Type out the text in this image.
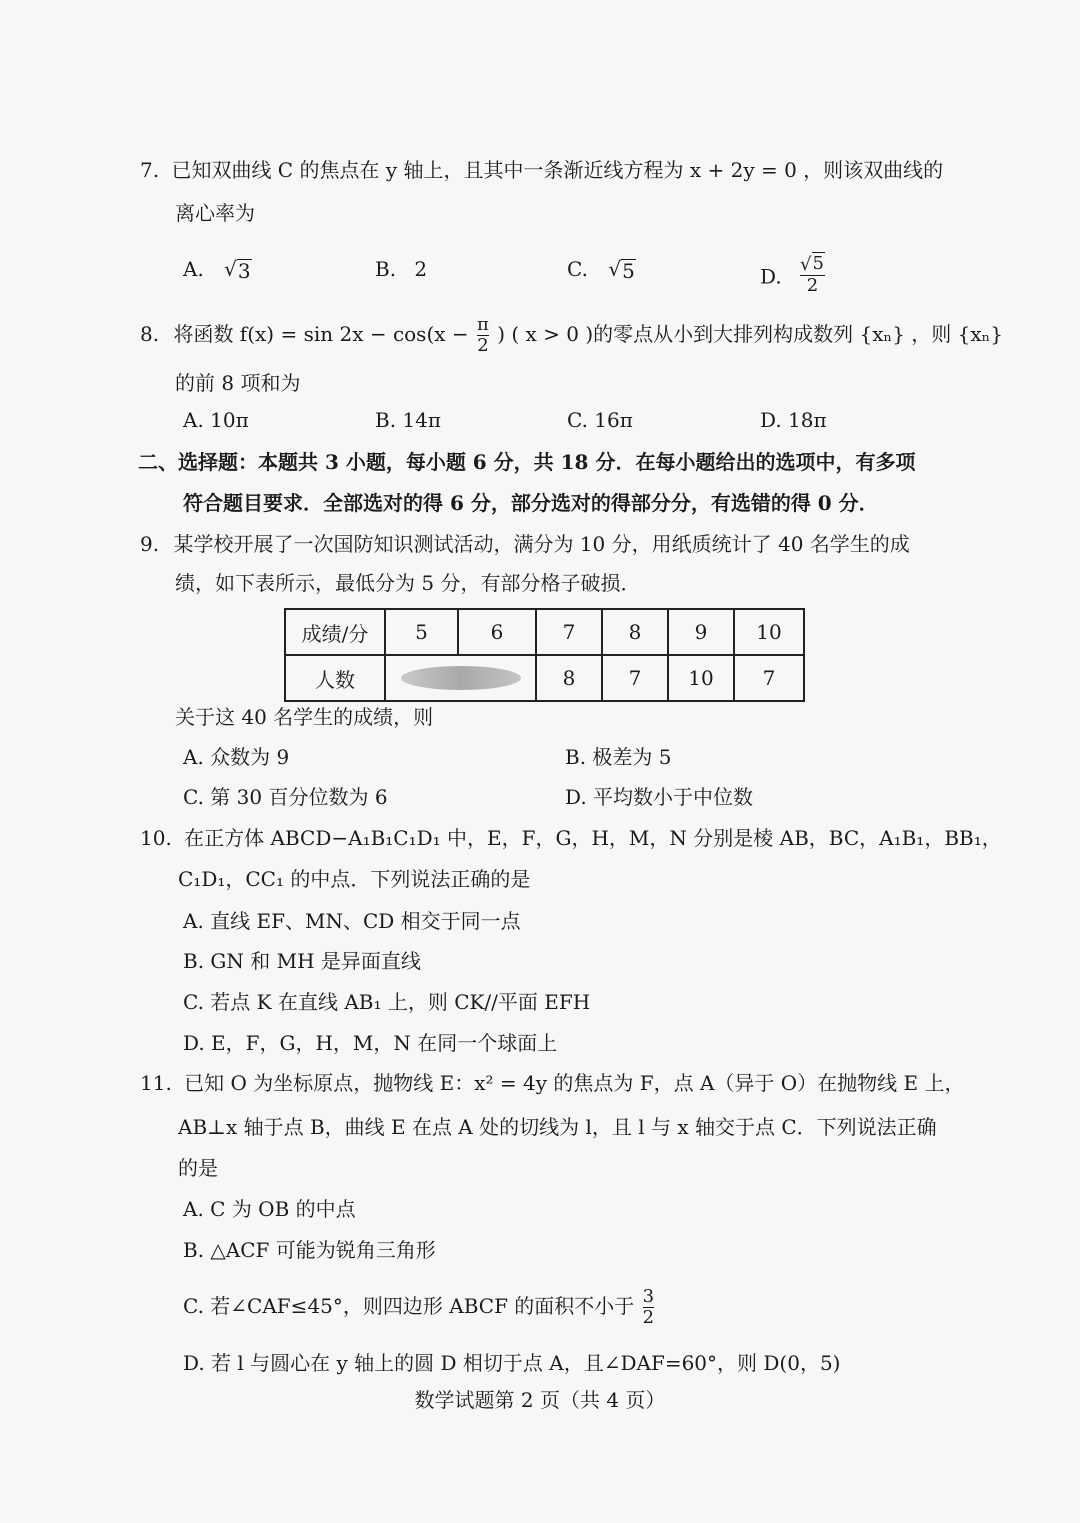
7. 已知双曲线 C 的焦点在 y 轴上，且其中一条渐近线方程为 x + 2y = 0 ，则该双曲线的
离心率为
A. √ 3	B. 2	C. √ 5	D. $\frac{√ 5}{2}$
8. 将函数 $f(x) = \sin 2x - \cos(x - \frac{\pi}{2}$ ) ( x > 0 )的零点从小到大排列构成数列 {xₙ} ，则 {xₙ}
的前 8 项和为
A. 10π	B. 14π	C. 16π	D. 18π
二、选择题：本题共 3 小题，每小题 6 分，共 18 分．在每小题给出的选项中，有多项
符合题目要求．全部选对的得 6 分，部分选对的得部分分，有选错的得 0 分．
9. 某学校开展了一次国防知识测试活动，满分为 10 分，用纸质统计了 40 名学生的成
绩，如下表所示，最低分为 5 分，有部分格子破损．
成绩/分	5	6	7	8	9	10
人数			8	7	10	7
关于这 40 名学生的成绩，则
A. 众数为 9	B. 极差为 5
C. 第 30 百分位数为 6	D. 平均数小于中位数
10. 在正方体 ABCD−A₁B₁C₁D₁ 中，E，F，G，H，M，N 分别是棱 AB，BC，A₁B₁，BB₁，
C₁D₁，CC₁ 的中点．下列说法正确的是
A. 直线 EF、MN、CD 相交于同一点
B. GN 和 MH 是异面直线
C. 若点 K 在直线 AB₁ 上，则 CK//平面 EFH
D. E，F，G，H，M，N 在同一个球面上
11. 已知 O 为坐标原点，抛物线 E：x² = 4y 的焦点为 F，点 A（异于 O）在抛物线 E 上，
AB⊥x 轴于点 B，曲线 E 在点 A 处的切线为 l，且 l 与 x 轴交于点 C．下列说法正确
的是
A. C 为 OB 的中点
B. △ACF 可能为锐角三角形
C. 若∠CAF≤45°，则四边形 ABCF 的面积不小于 $\frac{3}{2}$
D. 若 l 与圆心在 y 轴上的圆 D 相切于点 A，且∠DAF=60°，则 D(0，5)
数学试题第 2 页（共 4 页）
